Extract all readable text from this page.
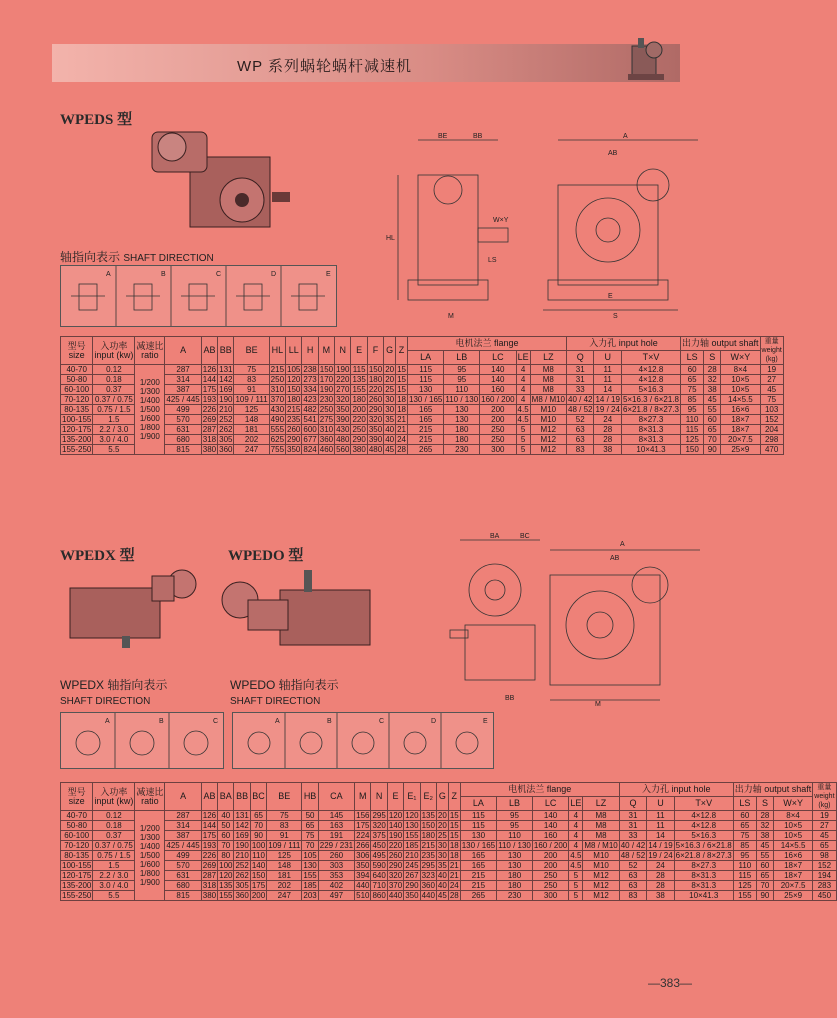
WP 系列蜗轮蜗杆减速机
WPEDS 型
轴指向表示 SHAFT DIRECTION
A	B	C	D	E
BE	BB	A
AB
HL
W×Y
LS
S
E
M
型号
size	入功率
input (kw)	减速比
ratio	A	AB	BB	BE	HL	LL	H	M	N	E	F	G	Z	电机法兰 flange					入力孔 input hole			出力轴 output shaft			重量 weight (kg)
																LA	LB	LC	LE	LZ	Q	U	T×V	LS	S	W×Y	
40-70	0.12	1/200 1/300 1/400 1/500 1/600 1/800 1/900	287	126	131	75	215	105	238	150	190	115	150	20	15	115	95	140	4	M8	31	11	4×12.8	60	28	8×4	19
50-80	0.18		314	144	142	83	250	120	273	170	220	135	180	20	15	115	95	140	4	M8	31	11	4×12.8	65	32	10×5	27
60-100	0.37		387	175	169	91	310	150	334	190	270	155	220	25	15	130	110	160	4	M8	33	14	5×16.3	75	38	10×5	45
70-120	0.37 / 0.75		425 / 445	193	190	109 / 111	370	180	423	230	320	180	260	30	18	130 / 165	110 / 130	160 / 200	4	M8 / M10	40 / 42	14 / 19	5×16.3 / 6×21.8	85	45	14×5.5	75
80-135	0.75 / 1.5		499	226	210	125	430	215	482	250	350	200	290	30	18	165	130	200	4.5	M10	48 / 52	19 / 24	6×21.8 / 8×27.3	95	55	16×6	103
100-155	1.5		570	269	252	148	490	235	541	275	390	220	320	35	21	165	130	200	4.5	M10	52	24	8×27.3	110	60	18×7	152
120-175	2.2 / 3.0		631	287	262	181	555	260	600	310	430	250	350	40	21	215	180	250	5	M12	63	28	8×31.3	115	65	18×7	204
135-200	3.0 / 4.0		680	318	305	202	625	290	677	360	480	290	390	40	24	215	180	250	5	M12	63	28	8×31.3	125	70	20×7.5	298
155-250	5.5		815	380	360	247	755	350	824	460	560	380	480	45	28	265	230	300	5	M12	83	38	10×41.3	150	90	25×9	470
WPEDX 型	WPEDO 型
WPEDX 轴指向表示
SHAFT DIRECTION
WPEDO 轴指向表示
SHAFT DIRECTION
A	B	C	A	B	C	D	E
BA	BC
A
AB
M
BB
型号
size	入功率
input (kw)	减速比
ratio	A	AB	BA	BB	BC	BE	HB	CA	M	N	E	E₁	E₂	G	Z	电机法兰 flange					入力孔 input hole			出力轴 output shaft			重量 weight (kg)
																		LA	LB	LC	LE	LZ	Q	U	T×V	LS	S	W×Y	
40-70	0.12	1/200 1/300 1/400 1/500 1/600 1/800 1/900	287	126	40	131	65	75	50	145	156	295	120	120	135	20	15	115	95	140	4	M8	31	11	4×12.8	60	28	8×4	19
50-80	0.18		314	144	50	142	70	83	65	163	175	320	140	130	150	20	15	115	95	140	4	M8	31	11	4×12.8	65	32	10×5	27
60-100	0.37		387	175	60	169	90	91	75	191	224	375	190	155	180	25	15	130	110	160	4	M8	33	14	5×16.3	75	38	10×5	45
70-120	0.37 / 0.75		425 / 445	193	70	190	100	109 / 111	70	229 / 231	266	450	220	185	215	30	18	130 / 165	110 / 130	160 / 200	4	M8 / M10	40 / 42	14 / 19	5×16.3 / 6×21.8	85	45	14×5.5	65
80-135	0.75 / 1.5		499	226	80	210	110	125	105	260	306	495	260	210	235	30	18	165	130	200	4.5	M10	48 / 52	19 / 24	6×21.8 / 8×27.3	95	55	16×6	98
100-155	1.5		570	269	100	252	140	148	130	303	350	590	290	245	295	35	21	165	130	200	4.5	M10	52	24	8×27.3	110	60	18×7	152
120-175	2.2 / 3.0		631	287	120	262	150	181	155	353	394	640	320	267	323	40	21	215	180	250	5	M12	63	28	8×31.3	115	65	18×7	194
135-200	3.0 / 4.0		680	318	135	305	175	202	185	402	440	710	370	290	360	40	24	215	180	250	5	M12	63	28	8×31.3	125	70	20×7.5	283
155-250	5.5		815	380	155	360	200	247	203	497	510	860	440	350	440	45	28	265	230	300	5	M12	83	38	10×41.3	155	90	25×9	450
—383—
